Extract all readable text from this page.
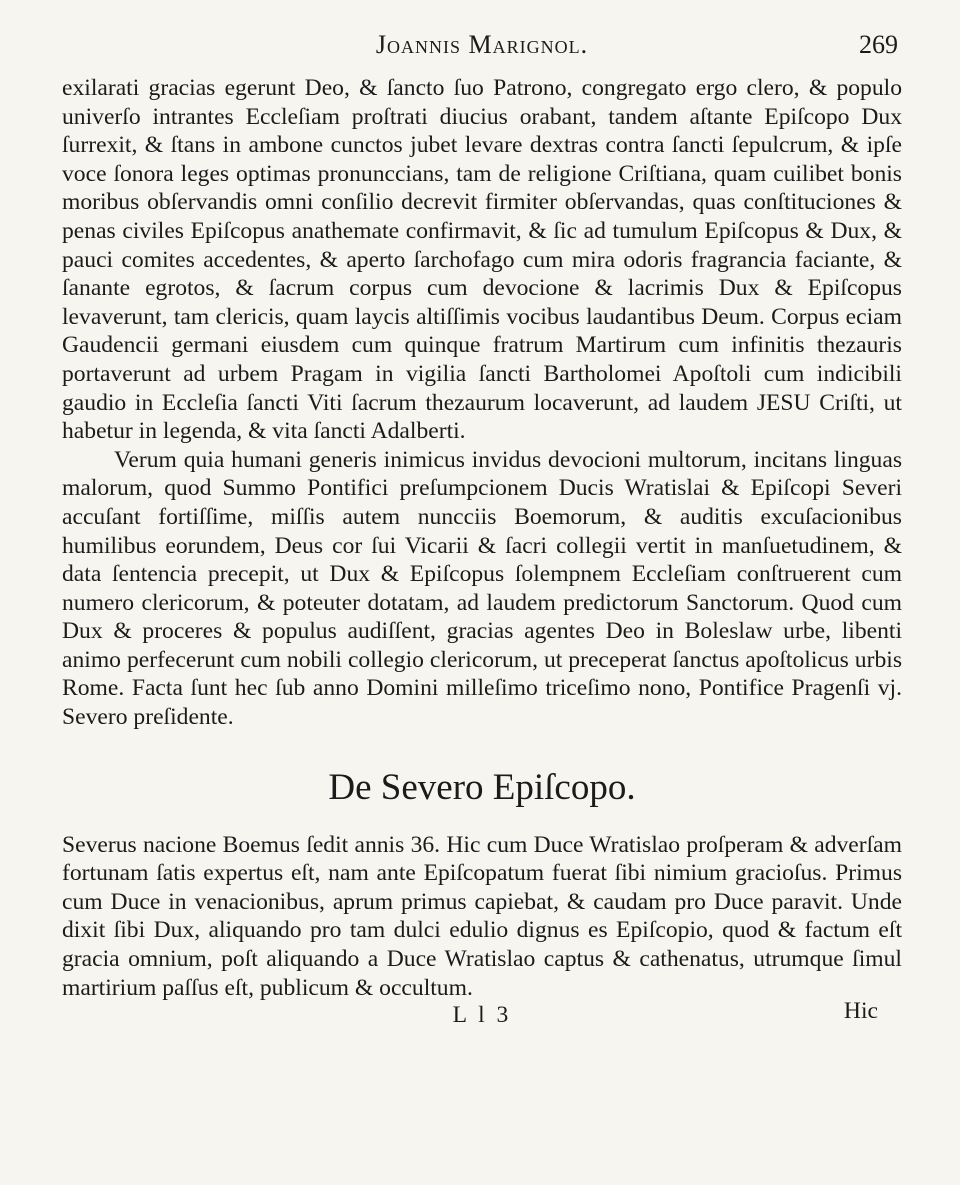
Joannis Marignol.	269

exilarati gracias egerunt Deo, & ſancto ſuo Patrono, congregato ergo clero, & populo univerſo intrantes Eccleſiam proſtrati diucius orabant, tandem aſtante Epiſcopo Dux ſurrexit, & ſtans in ambone cunctos jubet levare dextras contra ſancti ſepulcrum, & ipſe voce ſonora leges optimas pronunccians, tam de religione Criſtiana, quam cuilibet bonis moribus obſervandis omni conſilio decrevit firmiter obſervandas, quas conſtituciones & penas civiles Epiſcopus anathemate confirmavit, & ſic ad tumulum Epiſcopus & Dux, & pauci comites accedentes, & aperto ſarchofago cum mira odoris fragrancia faciante, & ſanante egrotos, & ſacrum corpus cum devocione & lacrimis Dux & Epiſcopus levaverunt, tam clericis, quam laycis altiſſimis vocibus laudantibus Deum. Corpus eciam Gaudencii germani eiusdem cum quinque fratrum Martirum cum infinitis thezauris portaverunt ad urbem Pragam in vigilia ſancti Bartholomei Apoſtoli cum indicibili gaudio in Eccleſia ſancti Viti ſacrum thezaurum locaverunt, ad laudem JESU Criſti, ut habetur in legenda, & vita ſancti Adalberti.

Verum quia humani generis inimicus invidus devocioni multorum, incitans linguas malorum, quod Summo Pontifici preſumpcionem Ducis Wratislai & Epiſcopi Severi accuſant fortiſſime, miſſis autem nuncciis Boemorum, & auditis excuſacionibus humilibus eorundem, Deus cor ſui Vicarii & ſacri collegii vertit in manſuetudinem, & data ſentencia precepit, ut Dux & Epiſcopus ſolempnem Eccleſiam conſtruerent cum numero clericorum, & poteuter dotatam, ad laudem predictorum Sanctorum. Quod cum Dux & proceres & populus audiſſent, gracias agentes Deo in Boleslaw urbe, libenti animo perfecerunt cum nobili collegio clericorum, ut preceperat ſanctus apoſtolicus urbis Rome. Facta ſunt hec ſub anno Domini milleſimo triceſimo nono, Pontifice Pragenſi vj. Severo preſidente.

De Severo Epiſcopo.

Severus nacione Boemus ſedit annis 36. Hic cum Duce Wratislao proſperam & adverſam fortunam ſatis expertus eſt, nam ante Epiſcopatum fuerat ſibi nimium gracioſus. Primus cum Duce in venacionibus, aprum primus capiebat, & caudam pro Duce paravit. Unde dixit ſibi Dux, aliquando pro tam dulci edulio dignus es Epiſcopio, quod & factum eſt gracia omnium, poſt aliquando a Duce Wratislao captus & cathenatus, utrumque ſimul martirium paſſus eſt, publicum & occultum.

L l 3	Hic
